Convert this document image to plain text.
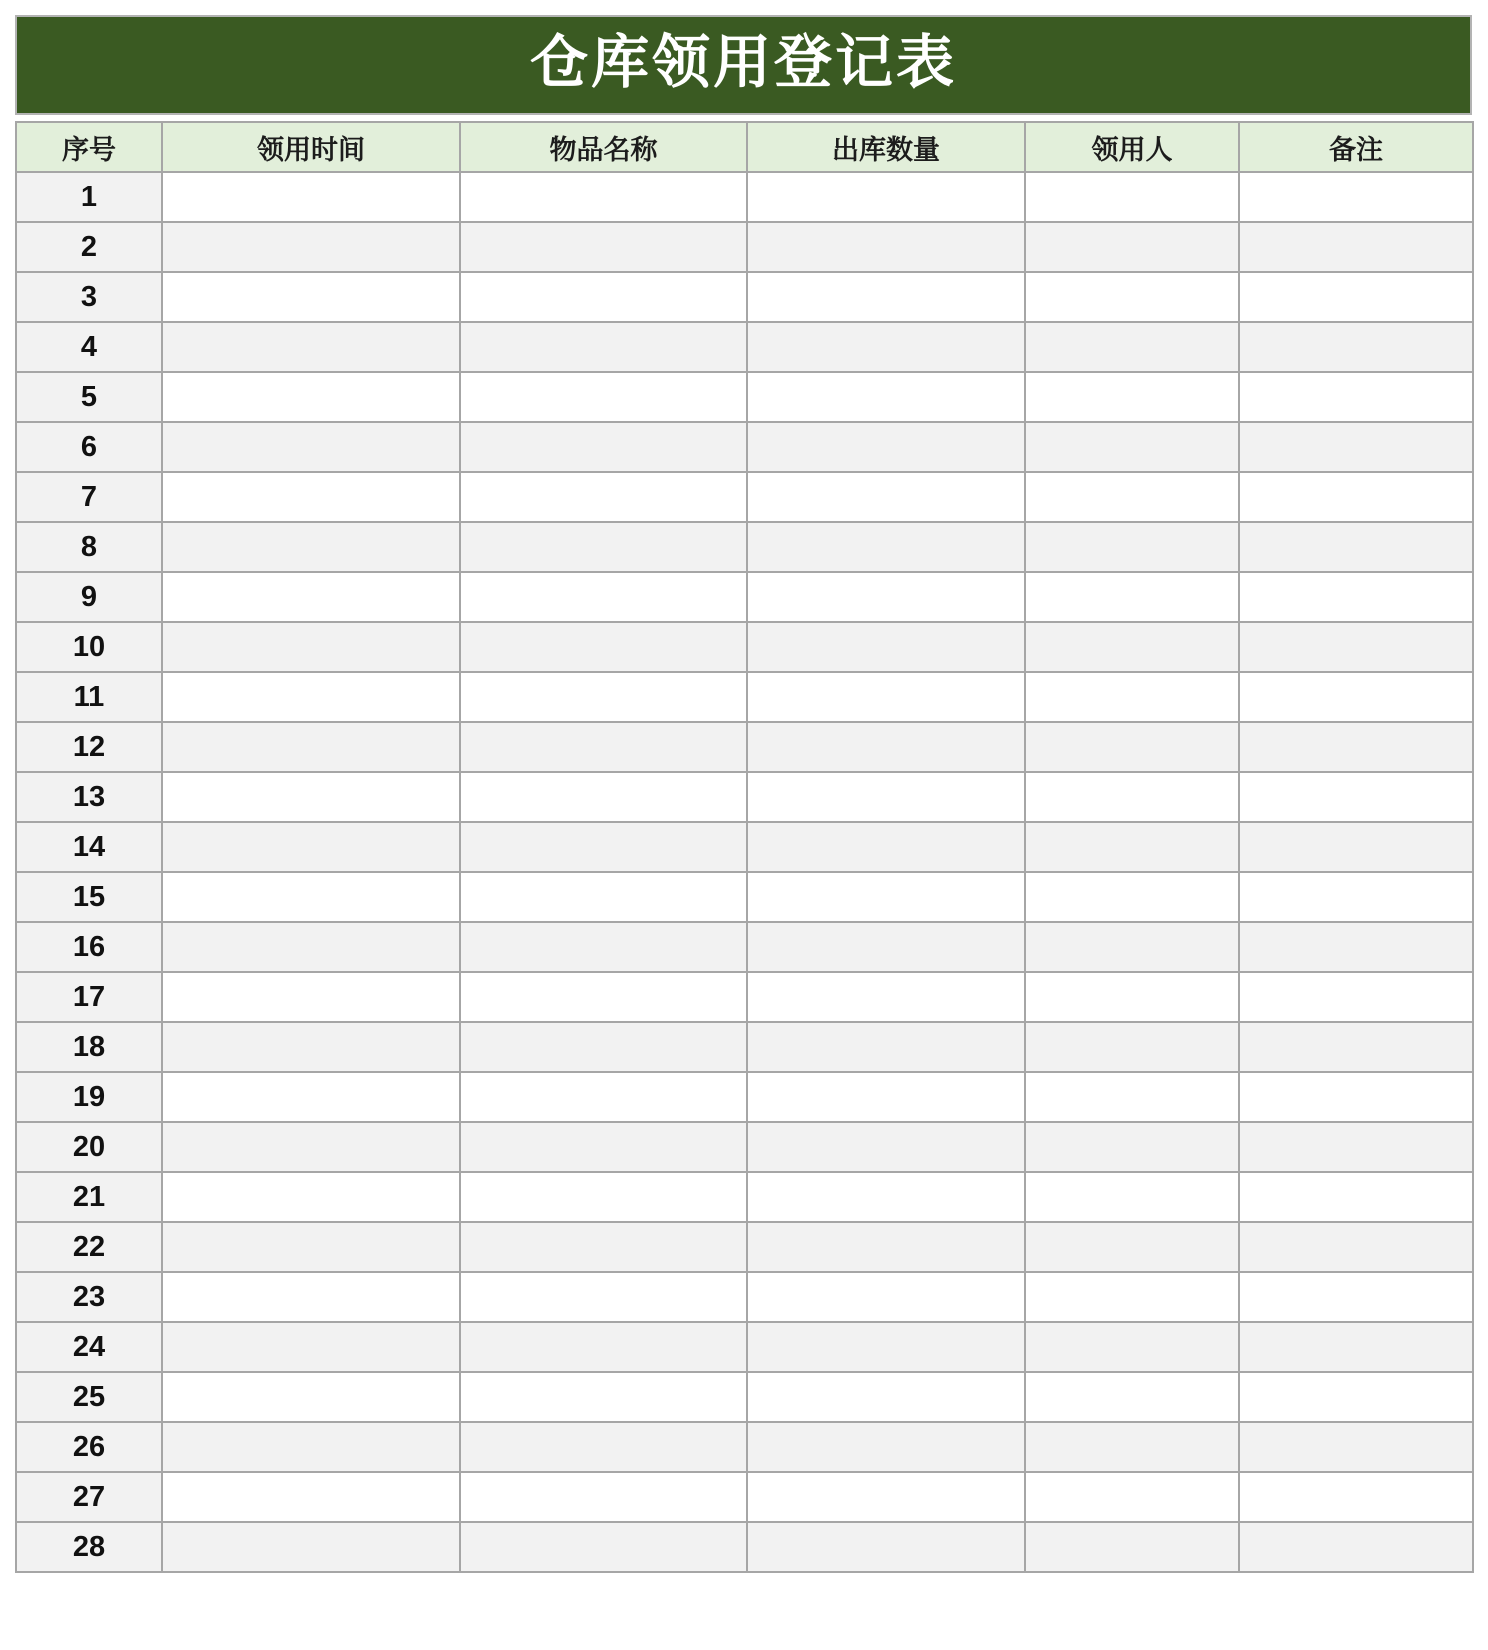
仓库领用登记表
序号	领用时间	物品名称	出库数量	领用人	备注
1					
2					
3					
4					
5					
6					
7					
8					
9					
10					
11					
12					
13					
14					
15					
16					
17					
18					
19					
20					
21					
22					
23					
24					
25					
26					
27					
28					
